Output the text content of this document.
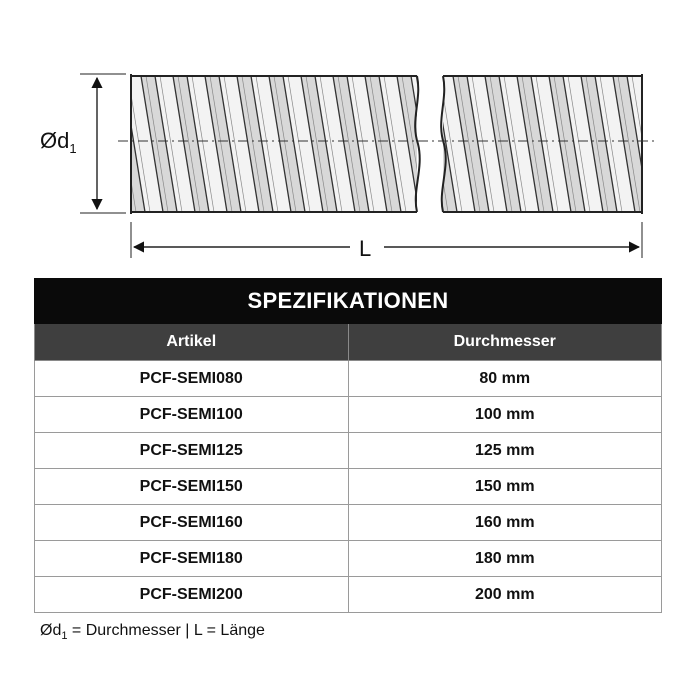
$Ød_1$
L
SPEZIFIKATIONEN	
Artikel	Durchmesser
PCF-SEMI080	80 mm
PCF-SEMI100	100 mm
PCF-SEMI125	125 mm
PCF-SEMI150	150 mm
PCF-SEMI160	160 mm
PCF-SEMI180	180 mm
PCF-SEMI200	200 mm
$Ød_1$ = Durchmesser | L = Länge
